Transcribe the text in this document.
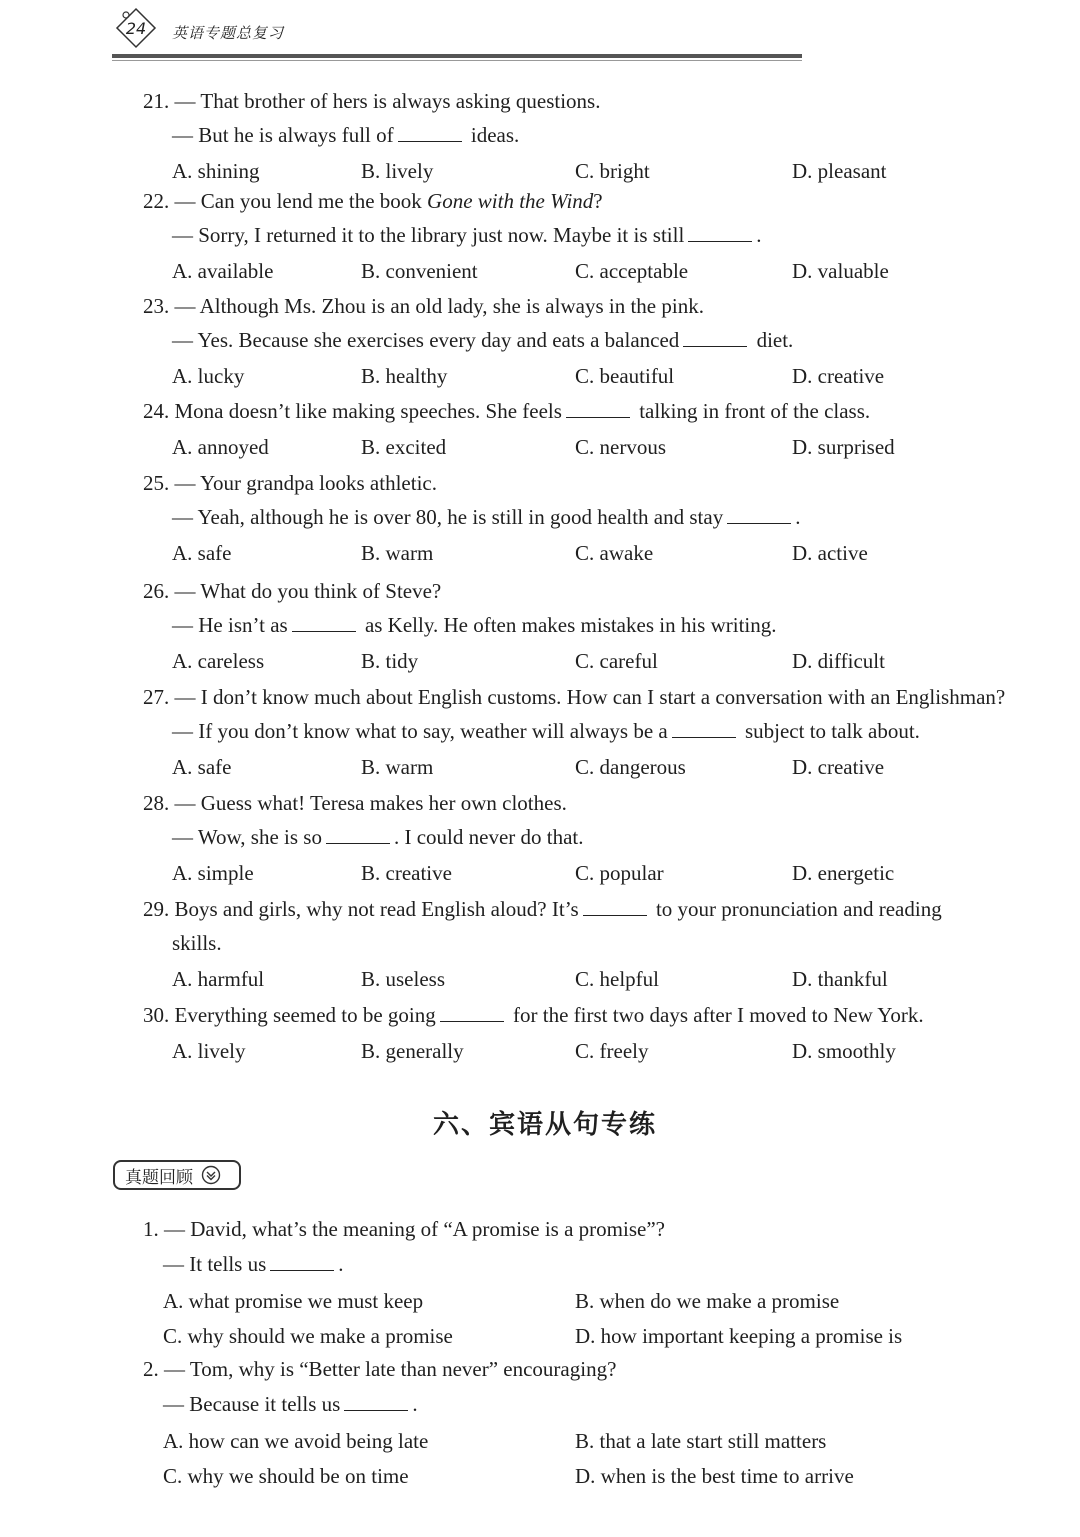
24 英语专题总复习
21. — That brother of hers is always asking questions.
— But he is always full of	ideas.
A. shining	B. lively	C. bright	D. pleasant
22. — Can you lend me the book Gone with the Wind?
— Sorry, I returned it to the library just now. Maybe it is still	.
A. available	B. convenient	C. acceptable	D. valuable
23. — Although Ms. Zhou is an old lady, she is always in the pink.
— Yes. Because she exercises every day and eats a balanced	diet.
A. lucky	B. healthy	C. beautiful	D. creative
24. Mona doesn’t like making speeches. She feels	talking in front of the class.
A. annoyed	B. excited	C. nervous	D. surprised
25. — Your grandpa looks athletic.
— Yeah, although he is over 80, he is still in good health and stay	.
A. safe	B. warm	C. awake	D. active
26. — What do you think of Steve?
— He isn’t as	as Kelly. He often makes mistakes in his writing.
A. careless	B. tidy	C. careful	D. difficult
27. — I don’t know much about English customs. How can I start a conversation with an Englishman?
— If you don’t know what to say, weather will always be a	subject to talk about.
A. safe	B. warm	C. dangerous	D. creative
28. — Guess what! Teresa makes her own clothes.
— Wow, she is so	. I could never do that.
A. simple	B. creative	C. popular	D. energetic
29. Boys and girls, why not read English aloud? It’s	to your pronunciation and reading
skills.
A. harmful	B. useless	C. helpful	D. thankful
30. Everything seemed to be going	for the first two days after I moved to New York.
A. lively	B. generally	C. freely	D. smoothly
1. — David, what’s the meaning of “A promise is a promise”?
— It tells us	.
A. what promise we must keep	B. when do we make a promise
C. why should we make a promise	D. how important keeping a promise is
2. — Tom, why is “Better late than never” encouraging?
— Because it tells us	.
A. how can we avoid being late	B. that a late start still matters
C. why we should be on time	D. when is the best time to arrive
六、宾语从句专练
真题回顾
